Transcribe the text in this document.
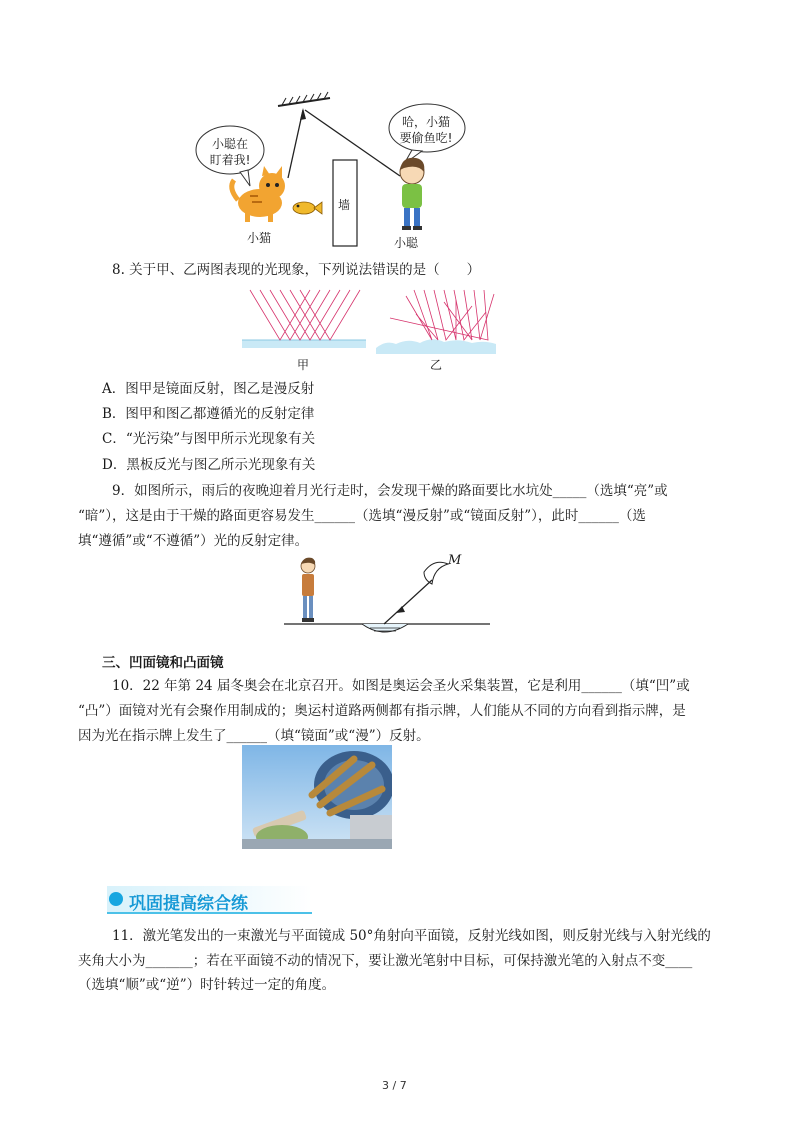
小聪在
盯着我!
哈，小猫
要偷鱼吃!
墙
小猫	小聪
8. 关于甲、乙两图表现的光现象，下列说法错误的是（　　）
甲	乙
A．图甲是镜面反射，图乙是漫反射
B．图甲和图乙都遵循光的反射定律
C．“光污染”与图甲所示光现象有关
D．黑板反光与图乙所示光现象有关
9．如图所示，雨后的夜晚迎着月光行走时，会发现干燥的路面要比水坑处_____（选填“亮”或
“暗”），这是由于干燥的路面更容易发生______（选填“漫反射”或“镜面反射”），此时______（选
填“遵循”或“不遵循”）光的反射定律。
M
三、凹面镜和凸面镜
10．22 年第 24 届冬奥会在北京召开。如图是奥运会圣火采集装置，它是利用______（填“凹”或
“凸”）面镜对光有会聚作用制成的；奥运村道路两侧都有指示牌，人们能从不同的方向看到指示牌，是
因为光在指示牌上发生了______（填“镜面”或“漫”）反射。
巩固提高综合练
11．激光笔发出的一束激光与平面镜成 50°角射向平面镜，反射光线如图，则反射光线与入射光线的
夹角大小为_______；若在平面镜不动的情况下，要让激光笔射中目标，可保持激光笔的入射点不变____
（选填“顺”或“逆”）时针转过一定的角度。
3 / 7
